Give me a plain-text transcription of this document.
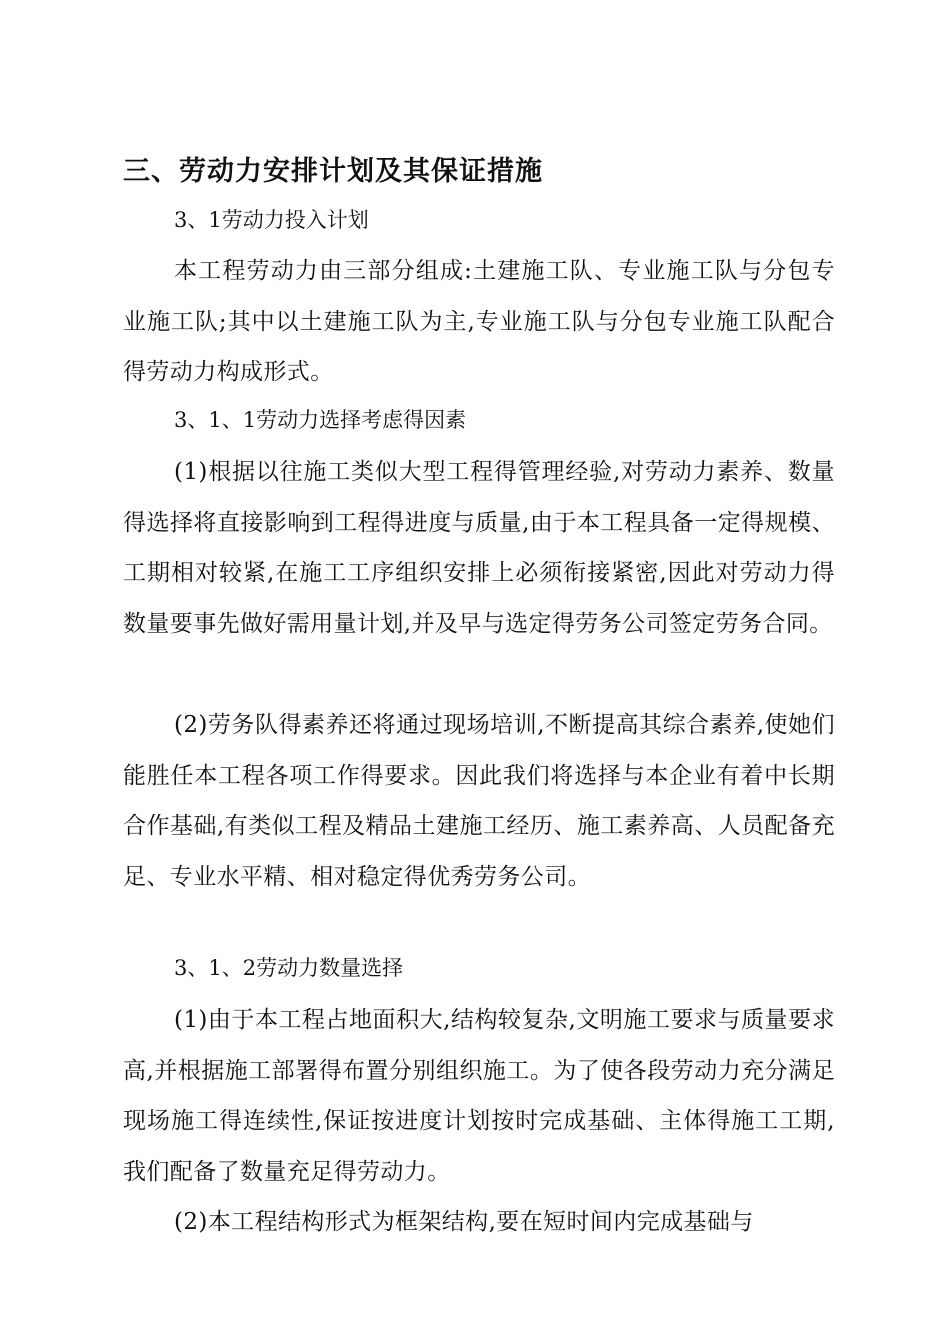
三、劳动力安排计划及其保证措施
3、1劳动力投入计划

本工程劳动力由三部分组成:土建施工队、专业施工队与分包专业施工队;其中以土建施工队为主,专业施工队与分包专业施工队配合得劳动力构成形式。

3、1、1劳动力选择考虑得因素

(1)根据以往施工类似大型工程得管理经验,对劳动力素养、数量得选择将直接影响到工程得进度与质量,由于本工程具备一定得规模、工期相对较紧,在施工工序组织安排上必须衔接紧密,因此对劳动力得数量要事先做好需用量计划,并及早与选定得劳务公司签定劳务合同。

(2)劳务队得素养还将通过现场培训,不断提高其综合素养,使她们能胜任本工程各项工作得要求。因此我们将选择与本企业有着中长期合作基础,有类似工程及精品土建施工经历、施工素养高、人员配备充足、专业水平精、相对稳定得优秀劳务公司。

3、1、2劳动力数量选择

(1)由于本工程占地面积大,结构较复杂,文明施工要求与质量要求高,并根据施工部署得布置分别组织施工。为了使各段劳动力充分满足现场施工得连续性,保证按进度计划按时完成基础、主体得施工工期,我们配备了数量充足得劳动力。

(2)本工程结构形式为框架结构,要在短时间内完成基础与
